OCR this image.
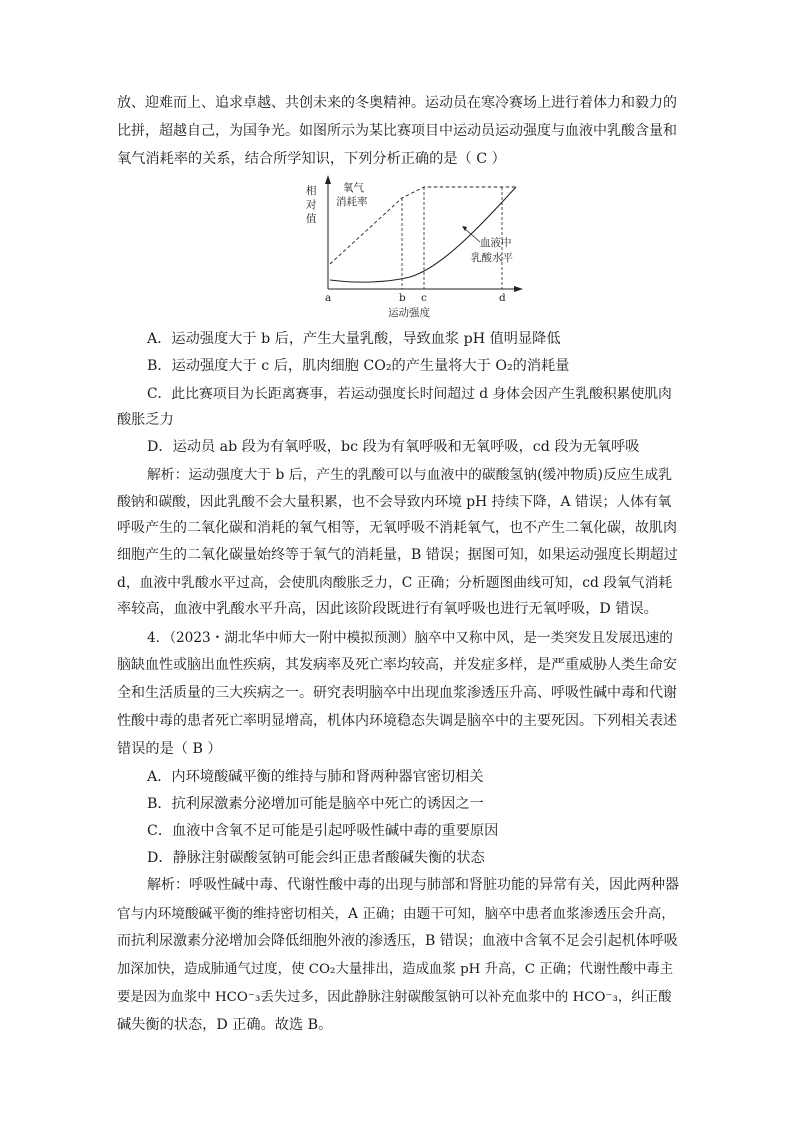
放、迎难而上、追求卓越、共创未来的冬奥精神。运动员在寒冷赛场上进行着体力和毅力的

比拼，超越自己，为国争光。如图所示为某比赛项目中运动员运动强度与血液中乳酸含量和

氧气消耗率的关系，结合所学知识，下列分析正确的是（ C ）

相
对
值
氧气
消耗率
血液中
乳酸水平
a	b c	d
运动强度

A．运动强度大于 b 后，产生大量乳酸，导致血浆 pH 值明显降低

B．运动强度大于 c 后，肌肉细胞 CO₂的产生量将大于 O₂的消耗量

C．此比赛项目为长距离赛事，若运动强度长时间超过 d 身体会因产生乳酸积累使肌肉

酸胀乏力

D．运动员 ab 段为有氧呼吸，bc 段为有氧呼吸和无氧呼吸，cd 段为无氧呼吸

解析：运动强度大于 b 后，产生的乳酸可以与血液中的碳酸氢钠(缓冲物质)反应生成乳

酸钠和碳酸，因此乳酸不会大量积累，也不会导致内环境 pH 持续下降，A 错误；人体有氧

呼吸产生的二氧化碳和消耗的氧气相等，无氧呼吸不消耗氧气，也不产生二氧化碳，故肌肉

细胞产生的二氧化碳量始终等于氧气的消耗量，B 错误；据图可知，如果运动强度长期超过

d，血液中乳酸水平过高，会使肌肉酸胀乏力，C 正确；分析题图曲线可知，cd 段氧气消耗

率较高，血液中乳酸水平升高，因此该阶段既进行有氧呼吸也进行无氧呼吸，D 错误。

4．（2023・湖北华中师大一附中模拟预测）脑卒中又称中风，是一类突发且发展迅速的

脑缺血性或脑出血性疾病，其发病率及死亡率均较高，并发症多样，是严重威胁人类生命安

全和生活质量的三大疾病之一。研究表明脑卒中出现血浆渗透压升高、呼吸性碱中毒和代谢

性酸中毒的患者死亡率明显增高，机体内环境稳态失调是脑卒中的主要死因。下列相关表述

错误的是（ B ）

A．内环境酸碱平衡的维持与肺和肾两种器官密切相关

B．抗利尿激素分泌增加可能是脑卒中死亡的诱因之一

C．血液中含氧不足可能是引起呼吸性碱中毒的重要原因

D．静脉注射碳酸氢钠可能会纠正患者酸碱失衡的状态

解析：呼吸性碱中毒、代谢性酸中毒的出现与肺部和肾脏功能的异常有关，因此两种器

官与内环境酸碱平衡的维持密切相关，A 正确；由题干可知，脑卒中患者血浆渗透压会升高，

而抗利尿激素分泌增加会降低细胞外液的渗透压，B 错误；血液中含氧不足会引起机体呼吸

加深加快，造成肺通气过度，使 CO₂大量排出，造成血浆 pH 升高，C 正确；代谢性酸中毒主

要是因为血浆中 HCO⁻₃丢失过多，因此静脉注射碳酸氢钠可以补充血浆中的 HCO⁻₃，纠正酸

碱失衡的状态，D 正确。故选 B。
